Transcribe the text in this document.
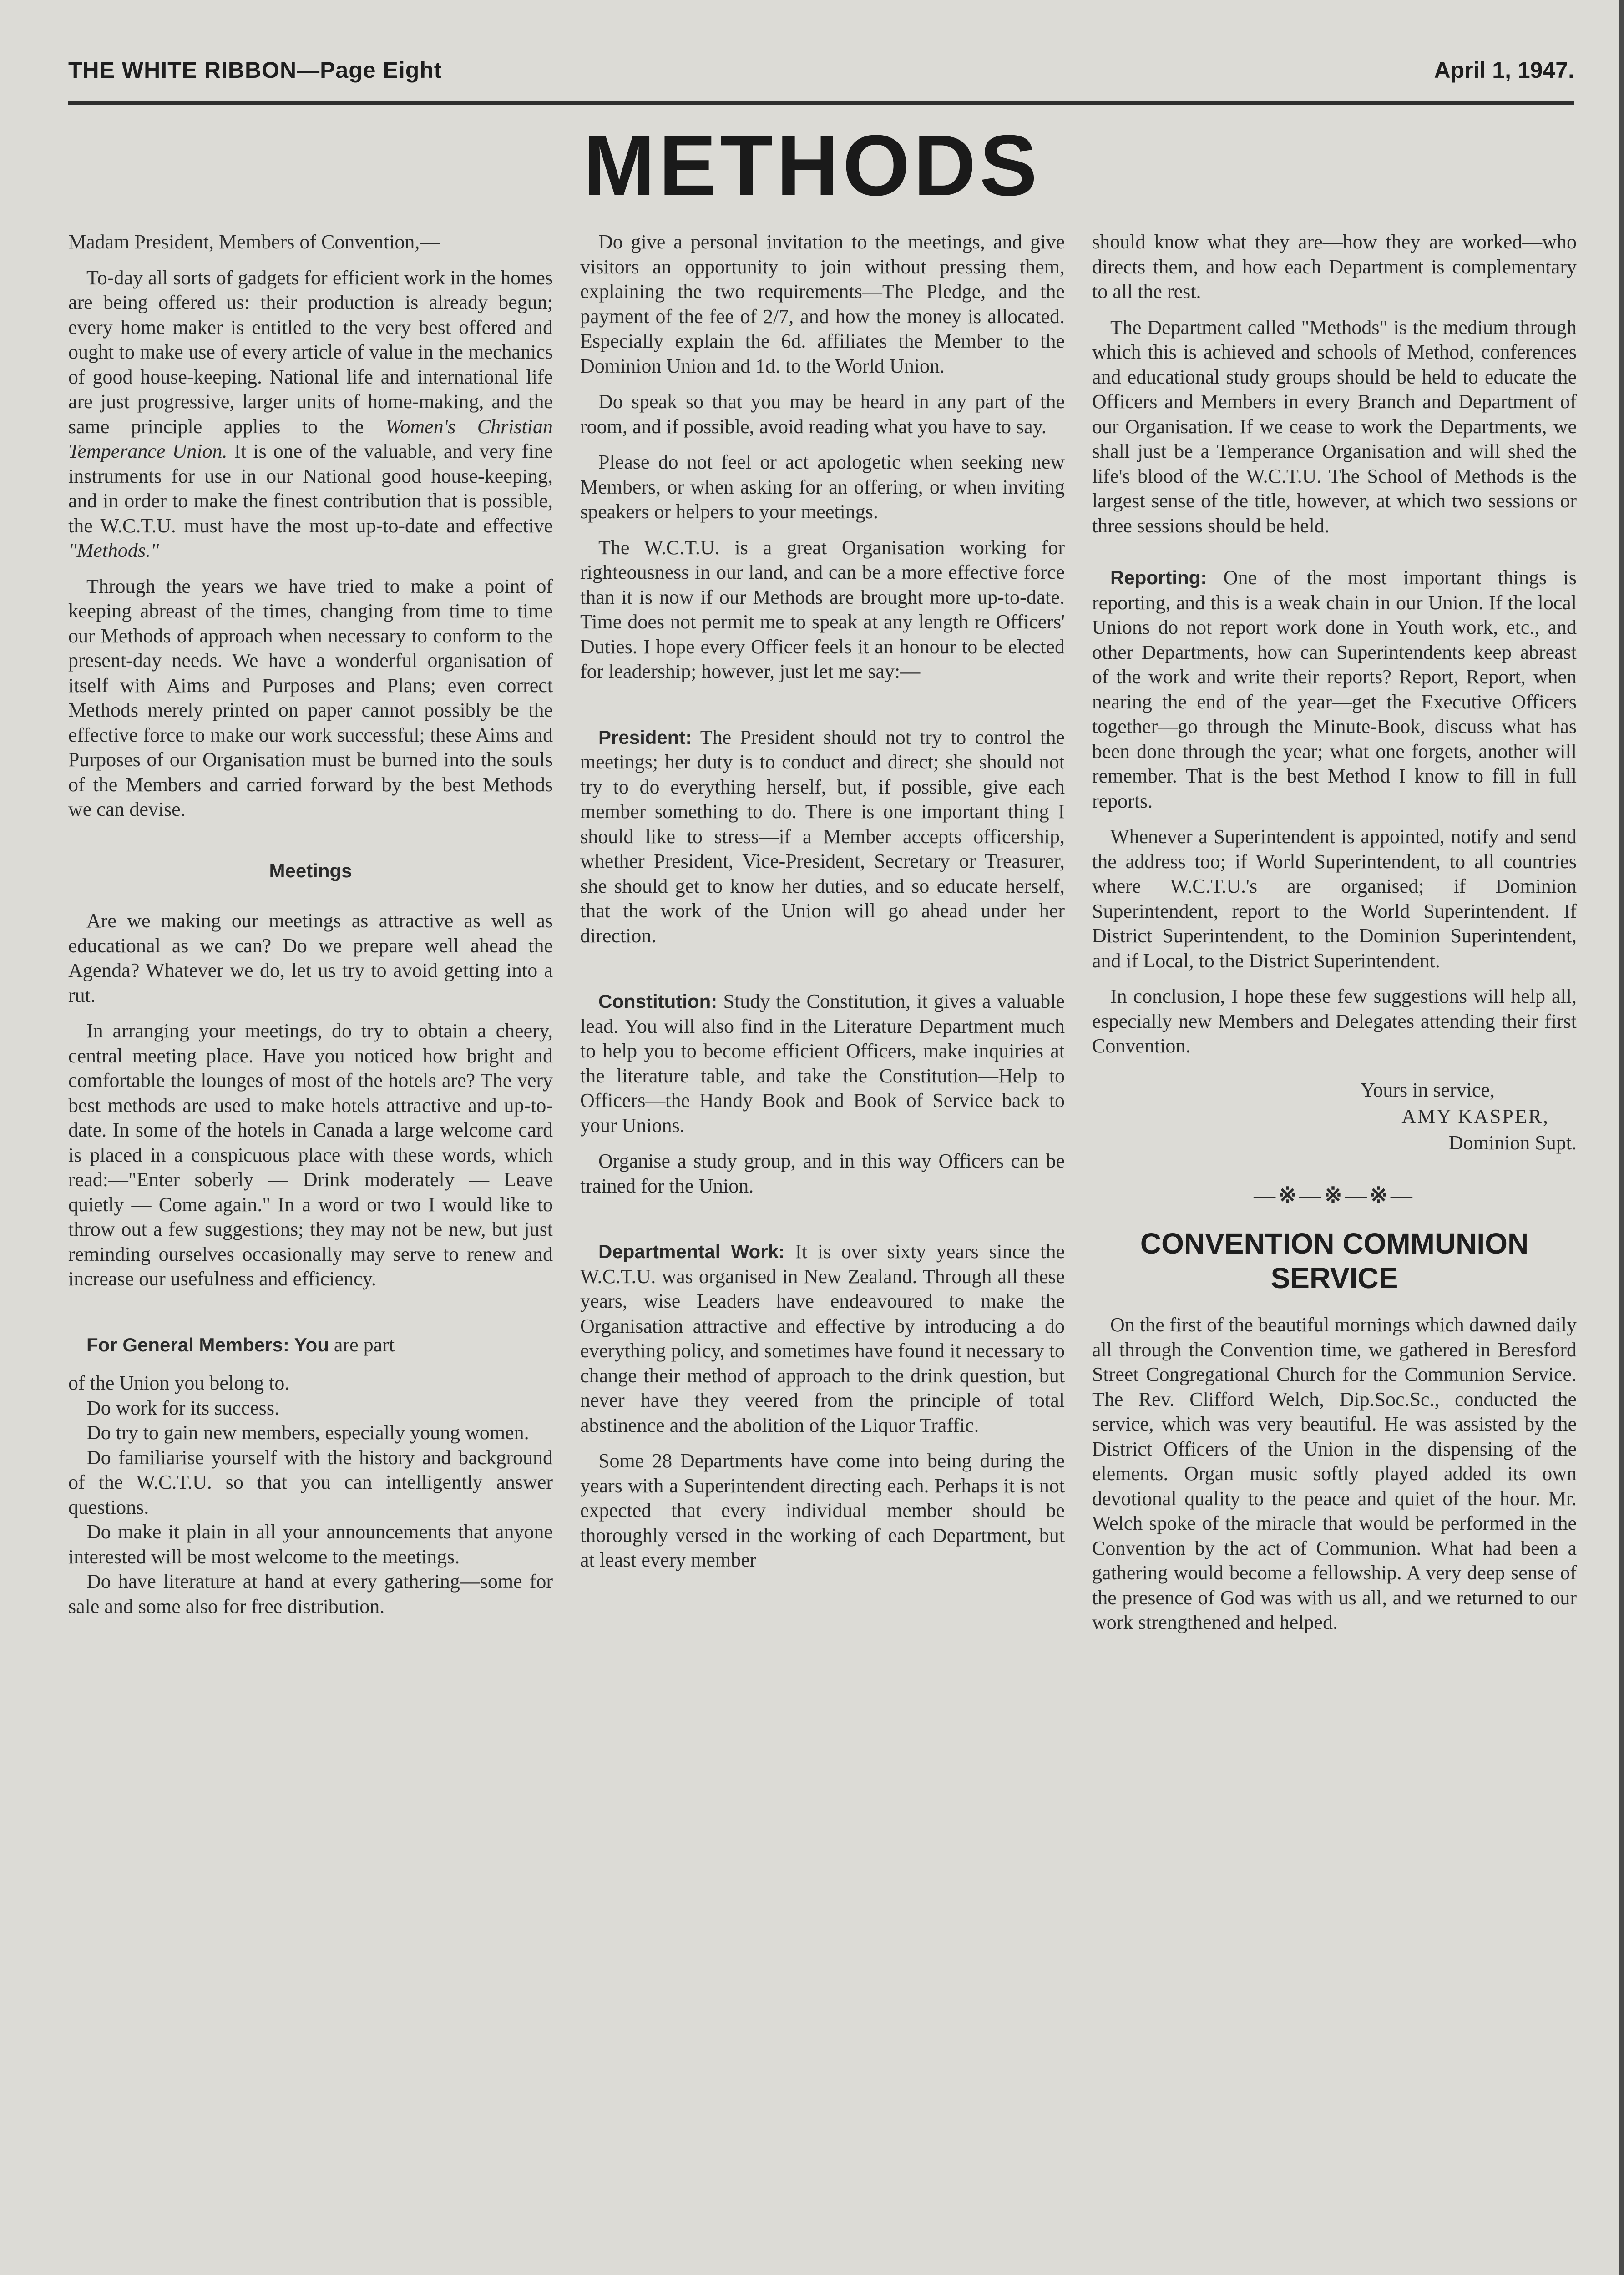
THE WHITE RIBBON—Page Eight	April 1, 1947.
METHODS

Madam President, Members of Convention,—

To-day all sorts of gadgets for efficient work in the homes are being offered us: their production is already begun; every home maker is entitled to the very best offered and ought to make use of every article of value in the mechanics of good house-keeping. National life and international life are just progressive, larger units of home-making, and the same principle applies to the Women's Christian Temperance Union. It is one of the valuable, and very fine instruments for use in our National good house-keeping, and in order to make the finest contribution that is possible, the W.C.T.U. must have the most up-to-date and effective "Methods."

Through the years we have tried to make a point of keeping abreast of the times, changing from time to time our Methods of approach when necessary to conform to the present-day needs. We have a wonderful organisation of itself with Aims and Purposes and Plans; even correct Methods merely printed on paper cannot possibly be the effective force to make our work successful; these Aims and Purposes of our Organisation must be burned into the souls of the Members and carried forward by the best Methods we can devise.

Meetings

Are we making our meetings as attractive as well as educational as we can? Do we prepare well ahead the Agenda? Whatever we do, let us try to avoid getting into a rut.

In arranging your meetings, do try to obtain a cheery, central meeting place. Have you noticed how bright and comfortable the lounges of most of the hotels are? The very best methods are used to make hotels attractive and up-to-date. In some of the hotels in Canada a large welcome card is placed in a conspicuous place with these words, which read:—"Enter soberly — Drink moderately — Leave quietly — Come again." In a word or two I would like to throw out a few suggestions; they may not be new, but just reminding ourselves occasionally may serve to renew and increase our usefulness and efficiency.

For General Members: You are part

of the Union you belong to.

Do work for its success.

Do try to gain new members, especially young women.

Do familiarise yourself with the history and background of the W.C.T.U. so that you can intelligently answer questions.

Do make it plain in all your announcements that anyone interested will be most welcome to the meetings.

Do have literature at hand at every gathering—some for sale and some also for free distribution.

Do give a personal invitation to the meetings, and give visitors an opportunity to join without pressing them, explaining the two requirements—The Pledge, and the payment of the fee of 2/7, and how the money is allocated. Especially explain the 6d. affiliates the Member to the Dominion Union and 1d. to the World Union.

Do speak so that you may be heard in any part of the room, and if possible, avoid reading what you have to say.

Please do not feel or act apologetic when seeking new Members, or when asking for an offering, or when inviting speakers or helpers to your meetings.

The W.C.T.U. is a great Organisation working for righteousness in our land, and can be a more effective force than it is now if our Methods are brought more up-to-date. Time does not permit me to speak at any length re Officers' Duties. I hope every Officer feels it an honour to be elected for leadership; however, just let me say:—

President: The President should not try to control the meetings; her duty is to conduct and direct; she should not try to do everything herself, but, if possible, give each member something to do. There is one important thing I should like to stress—if a Member accepts officership, whether President, Vice-President, Secretary or Treasurer, she should get to know her duties, and so educate herself, that the work of the Union will go ahead under her direction.

Constitution: Study the Constitution, it gives a valuable lead. You will also find in the Literature Department much to help you to become efficient Officers, make inquiries at the literature table, and take the Constitution—Help to Officers—the Handy Book and Book of Service back to your Unions.

Organise a study group, and in this way Officers can be trained for the Union.

Departmental Work: It is over sixty years since the W.C.T.U. was organised in New Zealand. Through all these years, wise Leaders have endeavoured to make the Organisation attractive and effective by introducing a do everything policy, and sometimes have found it necessary to change their method of approach to the drink question, but never have they veered from the principle of total abstinence and the abolition of the Liquor Traffic.

Some 28 Departments have come into being during the years with a Superintendent directing each. Perhaps it is not expected that every individual member should be thoroughly versed in the working of each Department, but at least every member

should know what they are—how they are worked—who directs them, and how each Department is complementary to all the rest.

The Department called "Methods" is the medium through which this is achieved and schools of Method, conferences and educational study groups should be held to educate the Officers and Members in every Branch and Department of our Organisation. If we cease to work the Departments, we shall just be a Temperance Organisation and will shed the life's blood of the W.C.T.U. The School of Methods is the largest sense of the title, however, at which two sessions or three sessions should be held.

Reporting: One of the most important things is reporting, and this is a weak chain in our Union. If the local Unions do not report work done in Youth work, etc., and other Departments, how can Superintendents keep abreast of the work and write their reports? Report, Report, when nearing the end of the year—get the Executive Officers together—go through the Minute-Book, discuss what has been done through the year; what one forgets, another will remember. That is the best Method I know to fill in full reports.

Whenever a Superintendent is appointed, notify and send the address too; if World Superintendent, to all countries where W.C.T.U.'s are organised; if Dominion Superintendent, report to the World Superintendent. If District Superintendent, to the Dominion Superintendent, and if Local, to the District Superintendent.

In conclusion, I hope these few suggestions will help all, especially new Members and Delegates attending their first Convention.

Yours in service,
AMY KASPER,
Dominion Supt.
—※—※—※—
CONVENTION COMMUNION SERVICE

On the first of the beautiful mornings which dawned daily all through the Convention time, we gathered in Beresford Street Congregational Church for the Communion Service. The Rev. Clifford Welch, Dip.Soc.Sc., conducted the service, which was very beautiful. He was assisted by the District Officers of the Union in the dispensing of the elements. Organ music softly played added its own devotional quality to the peace and quiet of the hour. Mr. Welch spoke of the miracle that would be performed in the Convention by the act of Communion. What had been a gathering would become a fellowship. A very deep sense of the presence of God was with us all, and we returned to our work strengthened and helped.
